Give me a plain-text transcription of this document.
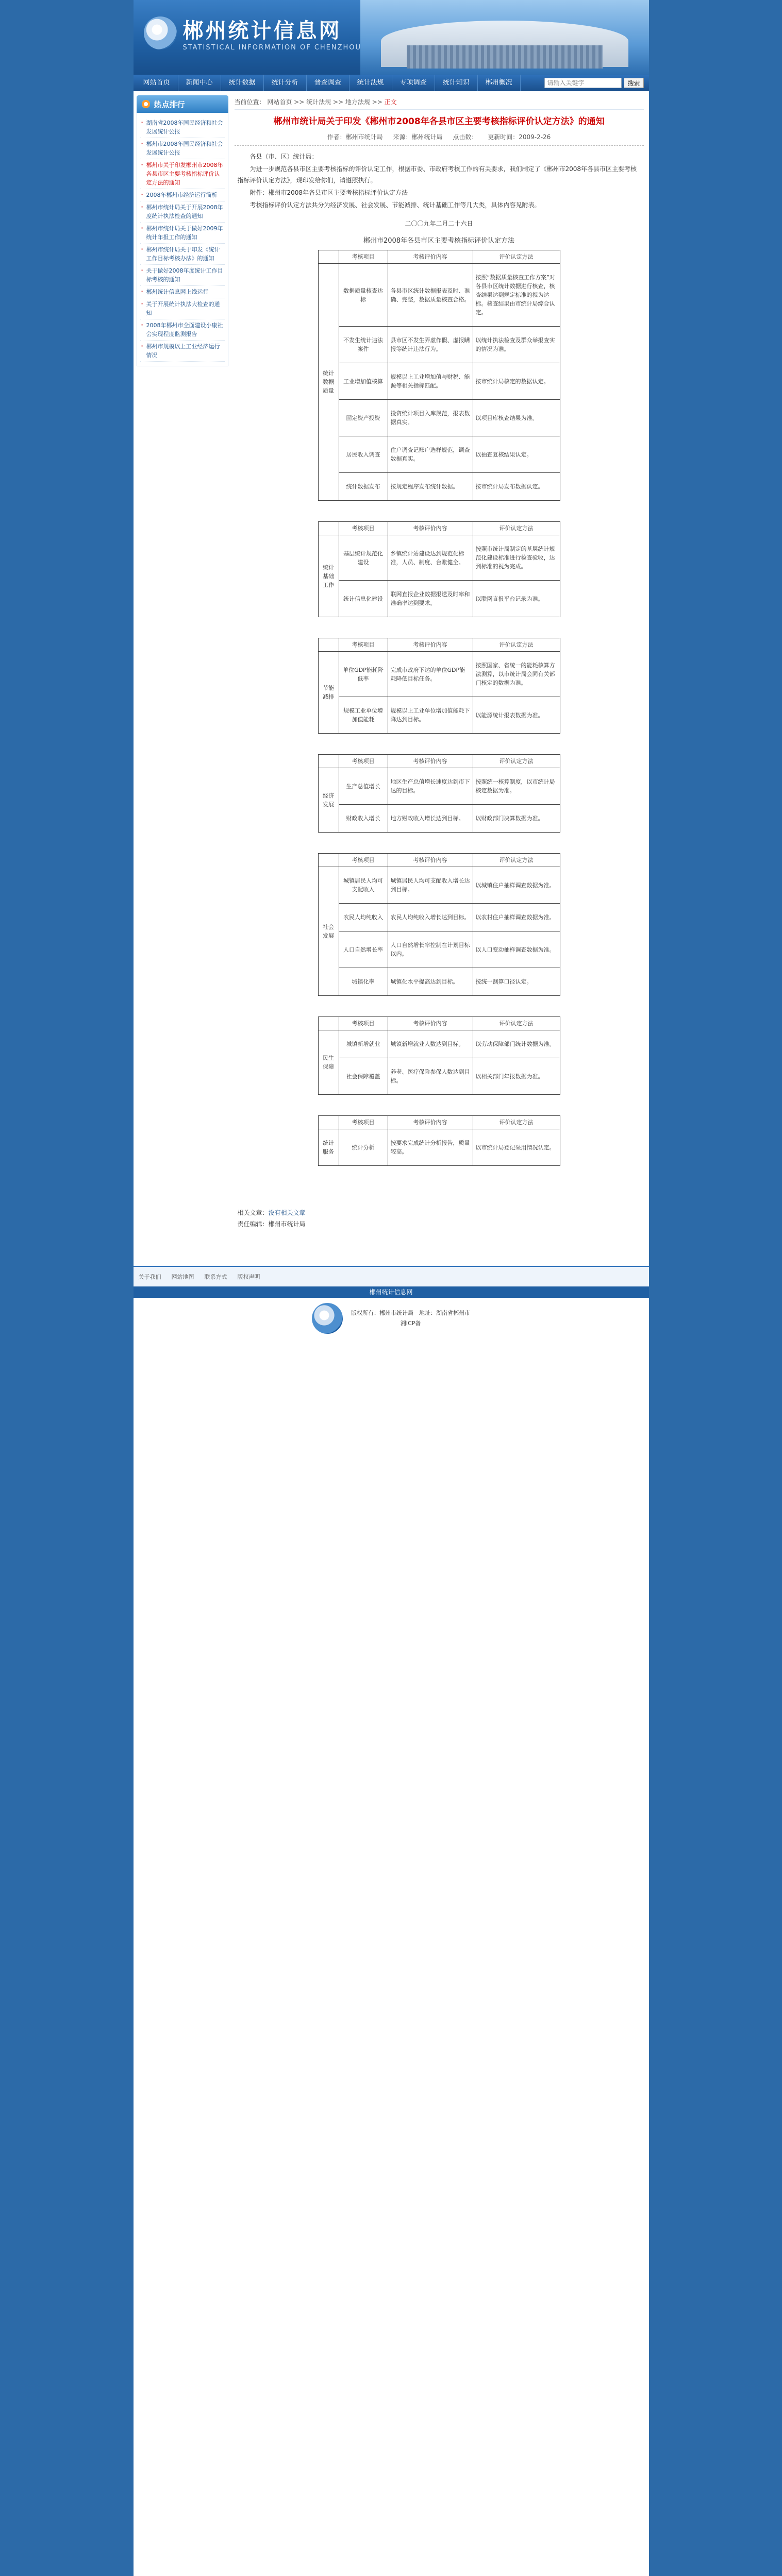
郴州统计信息网
STATISTICAL INFORMATION OF CHENZHOU
网站首页	新闻中心	统计数据	统计分析	普查调查	统计法规	专项调查	统计知识	郴州概况
请输入关键字	搜索
热点排行
· 湖南省2008年国民经济和社会发展统计公报
· 郴州市2008年国民经济和社会发展统计公报
· 郴州市关于印发郴州市2008年各县市区主要考核指标评价认定方法的通知
· 2008年郴州市经济运行简析
· 郴州市统计局关于开展2008年度统计执法检查的通知
· 郴州市统计局关于做好2009年统计年报工作的通知
· 郴州市统计局关于印发《统计工作目标考核办法》的通知
· 关于做好2008年度统计工作目标考核的通知
· 郴州统计信息网上线运行
· 关于开展统计执法大检查的通知
· 2008年郴州市全面建设小康社会实现程度监测报告
· 郴州市规模以上工业经济运行情况
当前位置： 网站首页 >> 统计法规 >> 地方法规 >> 正文
郴州市统计局关于印发《郴州市2008年各县市区主要考核指标评价认定方法》的通知
作者：郴州市统计局 来源：郴州统计局 点击数： 更新时间：2009-2-26

各县（市、区）统计局：

为进一步规范各县市区主要考核指标的评价认定工作，根据市委、市政府考核工作的有关要求，我们制定了《郴州市2008年各县市区主要考核指标评价认定方法》，现印发给你们，请遵照执行。

附件：郴州市2008年各县市区主要考核指标评价认定方法

考核指标评价认定方法共分为经济发展、社会发展、节能减排、统计基础工作等几大类，具体内容见附表。

二〇〇九年二月二十六日

郴州市2008年各县市区主要考核指标评价认定方法
	考核项目	考核评价内容	评价认定方法
统计数据质量	数据质量核查达标	各县市区统计数据报表及时、准确、完整，数据质量核查合格。	按照“数据质量核查工作方案”对各县市区统计数据进行核查，核查结果达到规定标准的视为达标。核查结果由市统计局综合认定。
	不发生统计违法案件	县市区不发生弄虚作假、虚报瞒报等统计违法行为。	以统计执法检查及群众举报查实的情况为准。
	工业增加值核算	规模以上工业增加值与财税、能源等相关指标匹配。	按市统计局核定的数据认定。
	固定资产投资	投资统计项目入库规范，报表数据真实。	以项目库核查结果为准。
	居民收入调查	住户调查记账户选样规范，调查数据真实。	以抽查复核结果认定。
	统计数据发布	按规定程序发布统计数据。	按市统计局发布数据认定。
	考核项目	考核评价内容	评价认定方法
统计基础工作	基层统计规范化建设	乡镇统计站建设达到规范化标准，人员、制度、台账健全。	按照市统计局制定的基层统计规范化建设标准进行检查验收，达到标准的视为完成。
	统计信息化建设	联网直报企业数据报送及时率和准确率达到要求。	以联网直报平台记录为准。
	考核项目	考核评价内容	评价认定方法
节能减排	单位GDP能耗降低率	完成市政府下达的单位GDP能耗降低目标任务。	按照国家、省统一的能耗核算方法测算，以市统计局会同有关部门核定的数据为准。
	规模工业单位增加值能耗	规模以上工业单位增加值能耗下降达到目标。	以能源统计报表数据为准。
	考核项目	考核评价内容	评价认定方法
经济发展	生产总值增长	地区生产总值增长速度达到市下达的目标。	按照统一核算制度，以市统计局核定数据为准。
	财政收入增长	地方财政收入增长达到目标。	以财政部门决算数据为准。
	考核项目	考核评价内容	评价认定方法
社会发展	城镇居民人均可支配收入	城镇居民人均可支配收入增长达到目标。	以城镇住户抽样调查数据为准。
	农民人均纯收入	农民人均纯收入增长达到目标。	以农村住户抽样调查数据为准。
	人口自然增长率	人口自然增长率控制在计划目标以内。	以人口变动抽样调查数据为准。
	城镇化率	城镇化水平提高达到目标。	按统一测算口径认定。
	考核项目	考核评价内容	评价认定方法
民生保障	城镇新增就业	城镇新增就业人数达到目标。	以劳动保障部门统计数据为准。
	社会保障覆盖	养老、医疗保险参保人数达到目标。	以相关部门年报数据为准。
	考核项目	考核评价内容	评价认定方法
统计服务	统计分析	按要求完成统计分析报告，质量较高。	以市统计局登记采用情况认定。
相关文章：没有相关文章
责任编辑：郴州市统计局
关于我们 网站地图 联系方式 版权声明
郴州统计信息网
版权所有：郴州市统计局　地址：湖南省郴州市
湘ICP备
